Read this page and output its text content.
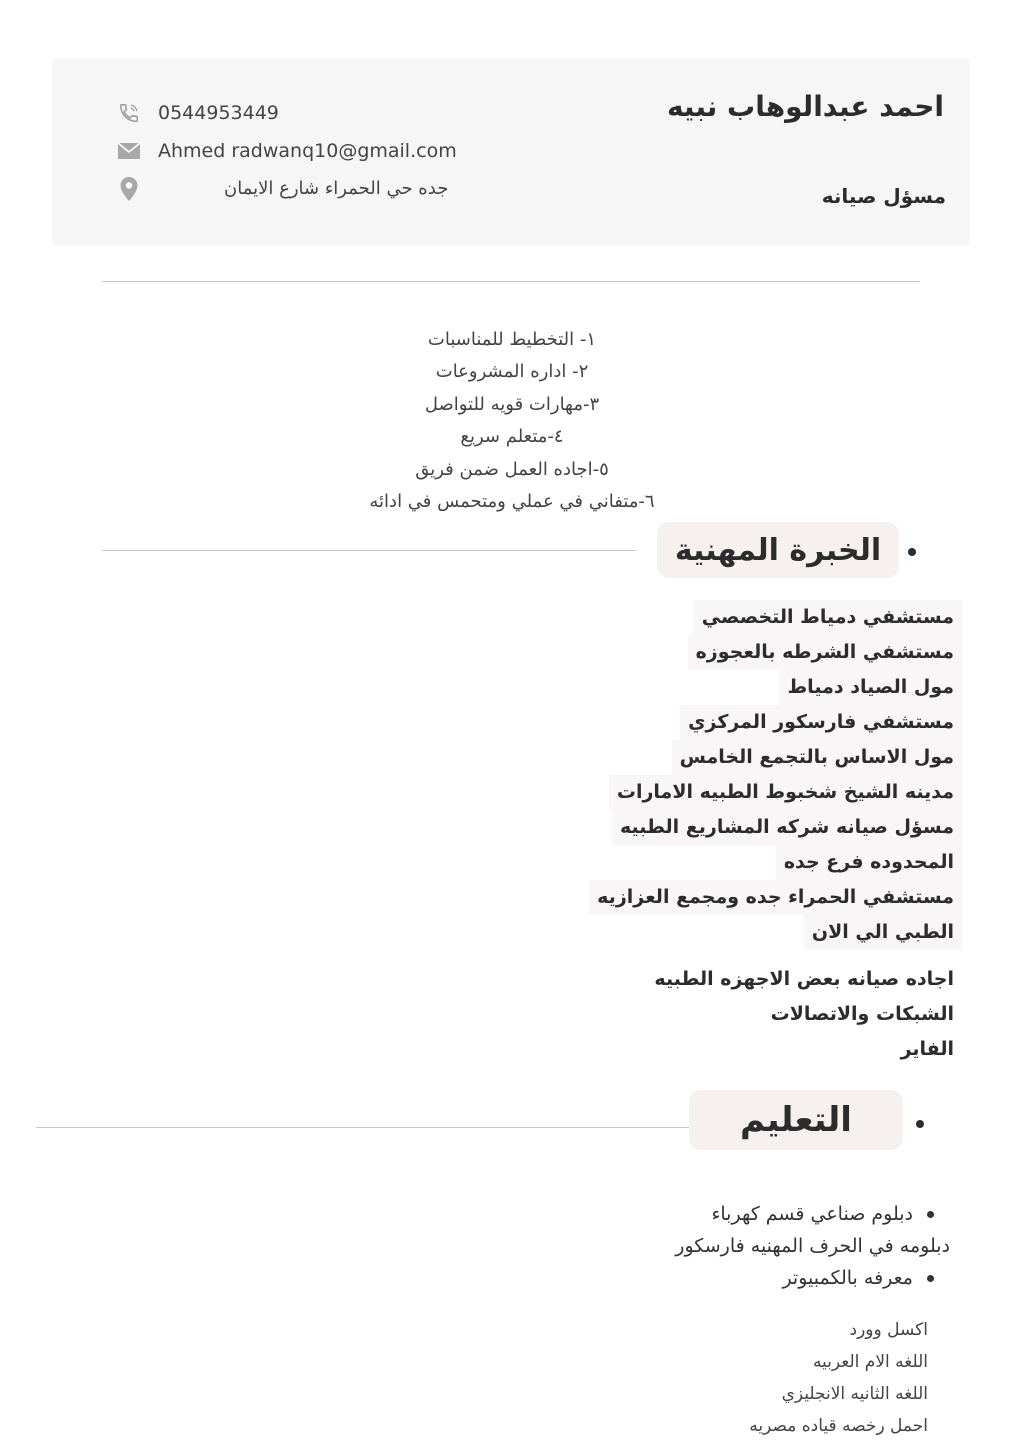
احمد عبدالوهاب نبيه
مسؤل صيانه
0544953449
Ahmed radwanq10@gmail.com
جده حي الحمراء شارع الايمان
١- التخطيط للمناسبات
٢- اداره المشروعات
٣-مهارات قويه للتواصل
٤-متعلم سريع
٥-اجاده العمل ضمن فريق
٦-متفاني في عملي ومتحمس في ادائه
الخبرة المهنية
مستشفي دمياط التخصصي
مستشفي الشرطه بالعجوزه
مول الصياد دمياط
مستشفي فارسكور المركزي
مول الاساس بالتجمع الخامس
مدينه الشيخ شخبوط الطبيه الامارات
مسؤل صيانه شركه المشاريع الطبيه
المحدوده فرع جده
مستشفي الحمراء جده ومجمع العزازيه
الطبي الي الان
اجاده صيانه بعض الاجهزه الطبيه
الشبكات والاتصالات
الفاير
التعليم
دبلوم صناعي قسم كهرباء
دبلومه في الحرف المهنيه فارسكور
معرفه بالكمبيوتر
اكسل وورد
اللغه الام العربيه
اللغه الثانيه الانجليزي
احمل رخصه قياده مصريه
